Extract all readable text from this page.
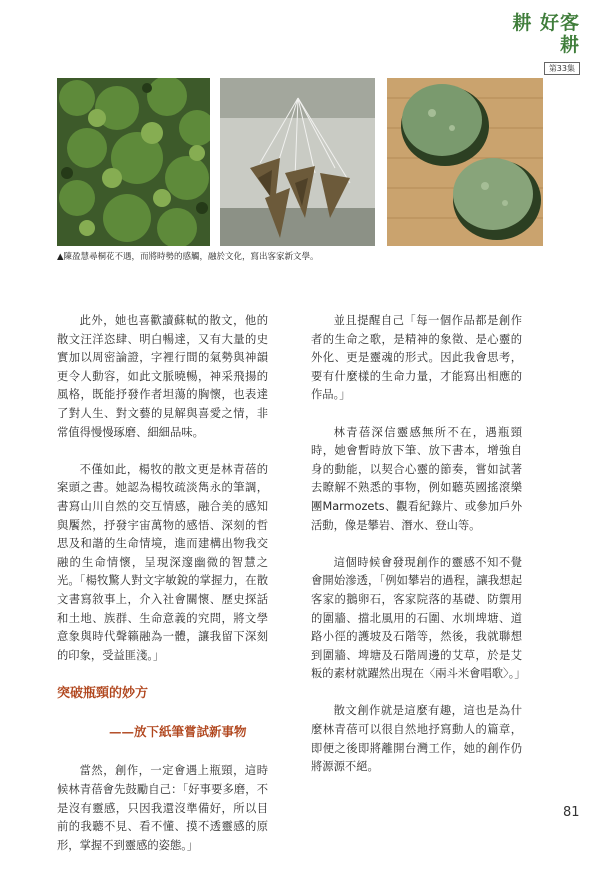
耕 好客耕
第33集
▲陳盈慧尋桐花不遇，而將時勢的感觸，融於文化，寫出客家新文學。

此外，她也喜歡讀蘇軾的散文，他的散文汪洋恣肆、明白暢達，又有大量的史實加以周密論證，字裡行間的氣勢與神韻更令人動容，如此文脈曉暢，神采飛揚的風格，既能抒發作者坦蕩的胸懷，也表達了對人生、對文藝的見解與喜愛之情，非常值得慢慢琢磨、細細品味。

不僅如此，楊牧的散文更是林青蓓的案頭之書。她認為楊牧疏淡雋永的筆調，書寫山川自然的交互情感，融合美的感知與饜然，抒發宇宙萬物的感悟、深刻的哲思及和諧的生命情境，進而建構出物我交融的生命情懷，呈現深邃幽微的智慧之光。「楊牧驚人對文字敏銳的掌握力，在散文書寫敘事上，介入社會關懷、歷史探話和土地、族群、生命意義的究問，將文學意象與時代聲籟融為一體，讓我留下深刻的印象，受益匪淺。」

突破瓶頸的妙方

——放下紙筆嘗試新事物

當然，創作，一定會遇上瓶頸，這時候林青蓓會先鼓勵自己：「好事要多磨，不是沒有靈感，只因我還沒準備好，所以目前的我聽不見、看不懂、摸不透靈感的原形，掌握不到靈感的姿態。」

並且提醒自己「每一個作品都是創作者的生命之歌，是精神的象徵、是心靈的外化、更是靈魂的形式。因此我會思考，要有什麼樣的生命力量，才能寫出相應的作品。」

林青蓓深信靈感無所不在，遇瓶頸時，她會暫時放下筆、放下書本，增強自身的動能，以契合心靈的節奏，嘗如試著去瞭解不熟悉的事物，例如聽英國搖滾樂團Marmozets、觀看紀錄片、或參加戶外活動，像是攀岩、潛水、登山等。

這個時候會發現創作的靈感不知不覺會開始滲透，「例如攀岩的過程，讓我想起客家的鵝卵石，客家院落的基礎、防禦用的圍牆、擋北風用的石圍、水圳埤塘、道路小徑的護坡及石階等，然後，我就聯想到圍牆、埤塘及石階周邊的艾草，於是艾粄的素材就躍然出現在〈兩斗米會唱歌〉。」

散文創作就是這麼有趣，這也是為什麼林青蓓可以很自然地抒寫動人的篇章，即便之後即將離開台灣工作，她的創作仍將源源不絕。

81
